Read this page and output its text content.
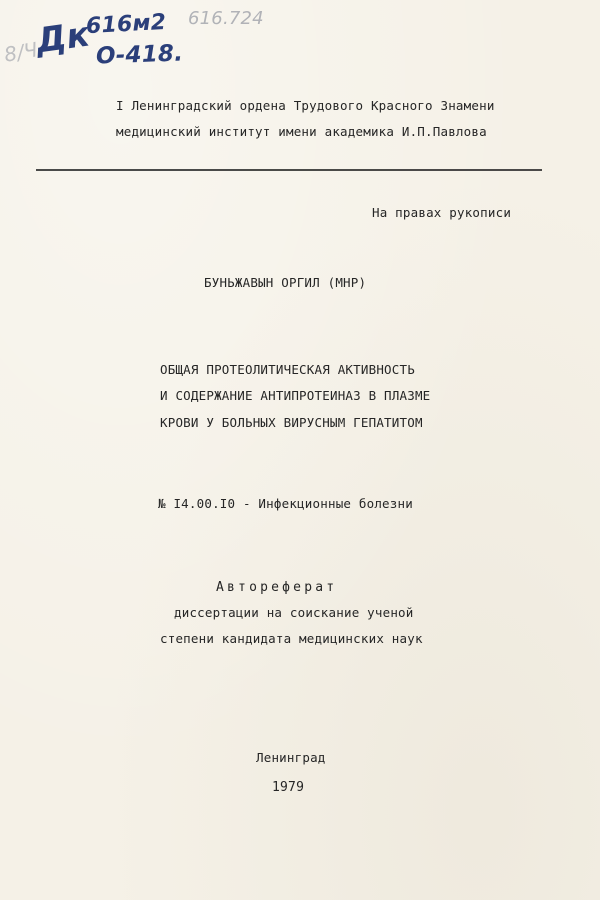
Дк
616м2
О-418.
616.724
8/Ч
I Ленинградский ордена Трудового Красного Знамени
медицинский институт имени академика И.П.Павлова
На правах рукописи
БУНЬЖАВЫН ОРГИЛ (МНР)
ОБЩАЯ ПРОТЕОЛИТИЧЕСКАЯ АКТИВНОСТЬ
И СОДЕРЖАНИЕ АНТИПРОТЕИНАЗ В ПЛАЗМЕ
КРОВИ У БОЛЬНЫХ ВИРУСНЫМ ГЕПАТИТОМ
№ I4.00.I0 - Инфекционные болезни
Автореферат
диссертации на соискание ученой
степени кандидата медицинских наук
Ленинград
1979
